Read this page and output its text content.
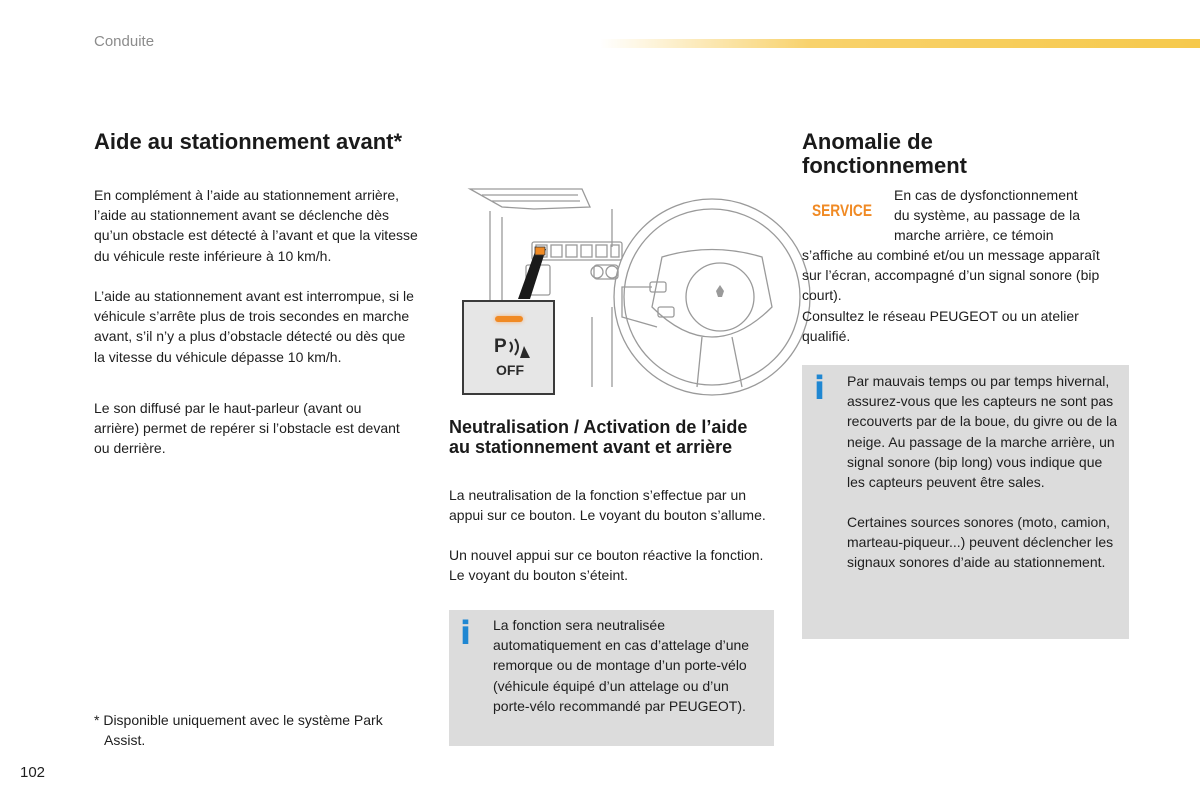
Conduite
Aide au stationnement avant*

En complément à l’aide au stationnement arrière, l’aide au stationnement avant se déclenche dès qu’un obstacle est détecté à l’avant et que la vitesse du véhicule reste inférieure à 10 km/h.

L’aide au stationnement avant est interrompue, si le véhicule s’arrête plus de trois secondes en marche avant, s’il n’y a plus d’obstacle détecté ou dès que la vitesse du véhicule dépasse 10 km/h.

Le son diffusé par le haut-parleur (avant ou arrière) permet de repérer si l’obstacle est devant ou derrière.

* Disponible uniquement avec le système Park
Assist.

P
OFF
Neutralisation / Activation de l’aide au stationnement avant et arrière

La neutralisation de la fonction s’effectue par un appui sur ce bouton. Le voyant du bouton s’allume.

Un nouvel appui sur ce bouton réactive la fonction. Le voyant du bouton s’éteint.

i La fonction sera neutralisée automatiquement en cas d’attelage d’une remorque ou de montage d’un porte-vélo (véhicule équipé d’un attelage ou d’un porte-vélo recommandé par PEUGEOT).

Anomalie de fonctionnement
SERVICE

En cas de dysfonctionnement du système, au passage de la marche arrière, ce témoin

s’affiche au combiné et/ou un message apparaît sur l’écran, accompagné d’un signal sonore (bip court).

Consultez le réseau PEUGEOT ou un atelier qualifié.

i Par mauvais temps ou par temps hivernal, assurez-vous que les capteurs ne sont pas recouverts par de la boue, du givre ou de la neige. Au passage de la marche arrière, un signal sonore (bip long) vous indique que les capteurs peuvent être sales.

Certaines sources sonores (moto, camion, marteau-piqueur...) peuvent déclencher les signaux sonores d’aide au stationnement.

102
